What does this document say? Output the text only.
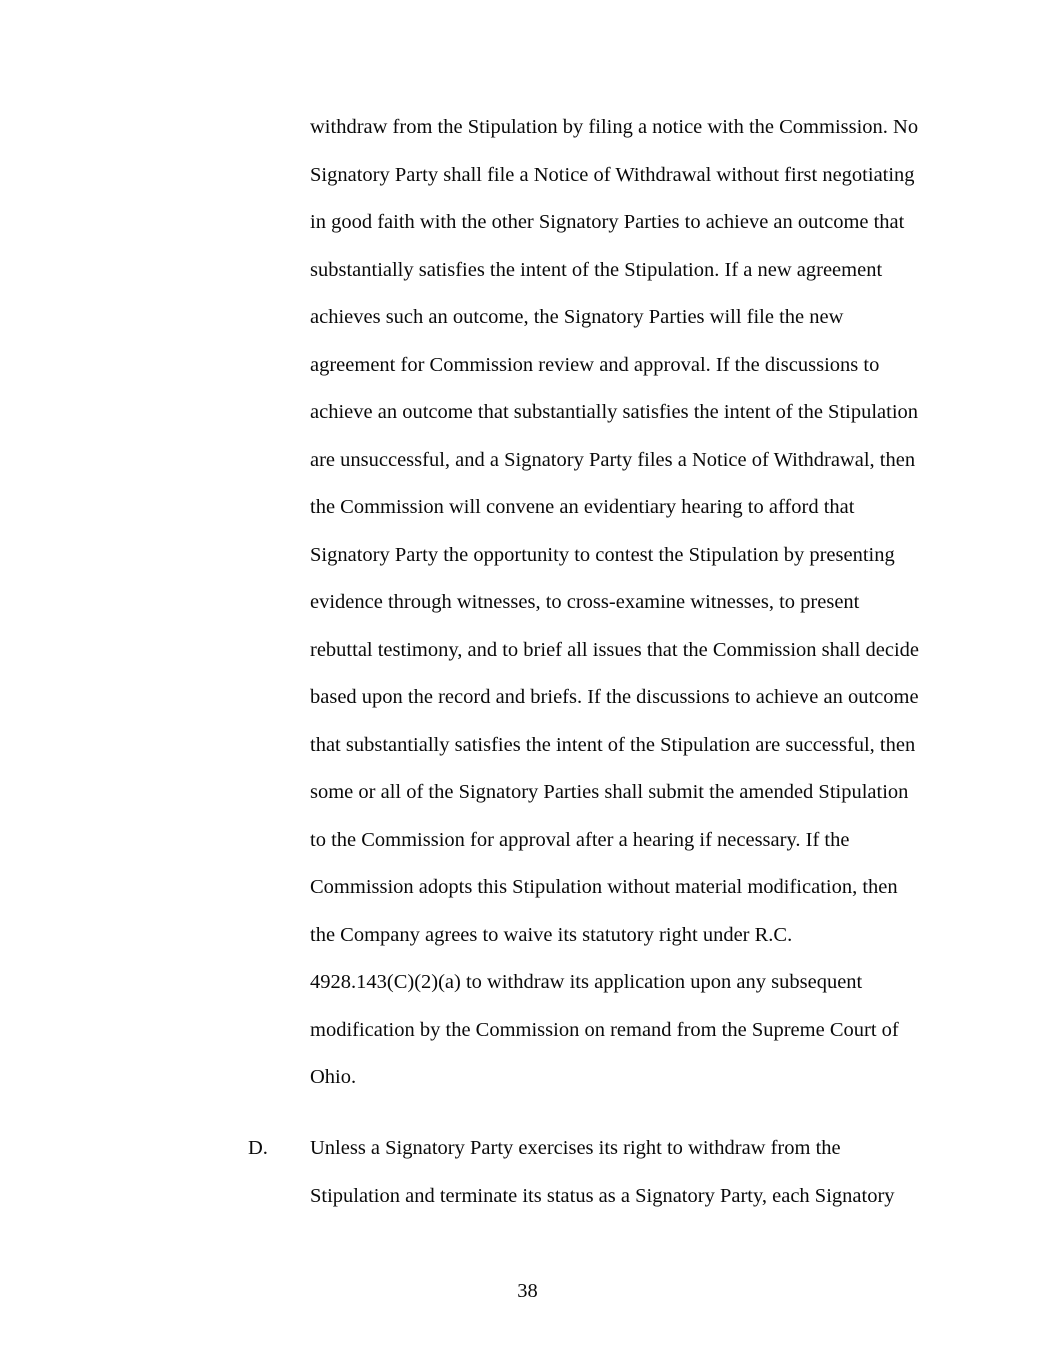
withdraw from the Stipulation by filing a notice with the Commission. No
Signatory Party shall file a Notice of Withdrawal without first negotiating
in good faith with the other Signatory Parties to achieve an outcome that
substantially satisfies the intent of the Stipulation. If a new agreement
achieves such an outcome, the Signatory Parties will file the new
agreement for Commission review and approval. If the discussions to
achieve an outcome that substantially satisfies the intent of the Stipulation
are unsuccessful, and a Signatory Party files a Notice of Withdrawal, then
the Commission will convene an evidentiary hearing to afford that
Signatory Party the opportunity to contest the Stipulation by presenting
evidence through witnesses, to cross-examine witnesses, to present
rebuttal testimony, and to brief all issues that the Commission shall decide
based upon the record and briefs. If the discussions to achieve an outcome
that substantially satisfies the intent of the Stipulation are successful, then
some or all of the Signatory Parties shall submit the amended Stipulation
to the Commission for approval after a hearing if necessary. If the
Commission adopts this Stipulation without material modification, then
the Company agrees to waive its statutory right under R.C.
4928.143(C)(2)(a) to withdraw its application upon any subsequent
modification by the Commission on remand from the Supreme Court of
Ohio.
D.	Unless a Signatory Party exercises its right to withdraw from the
Stipulation and terminate its status as a Signatory Party, each Signatory
38
